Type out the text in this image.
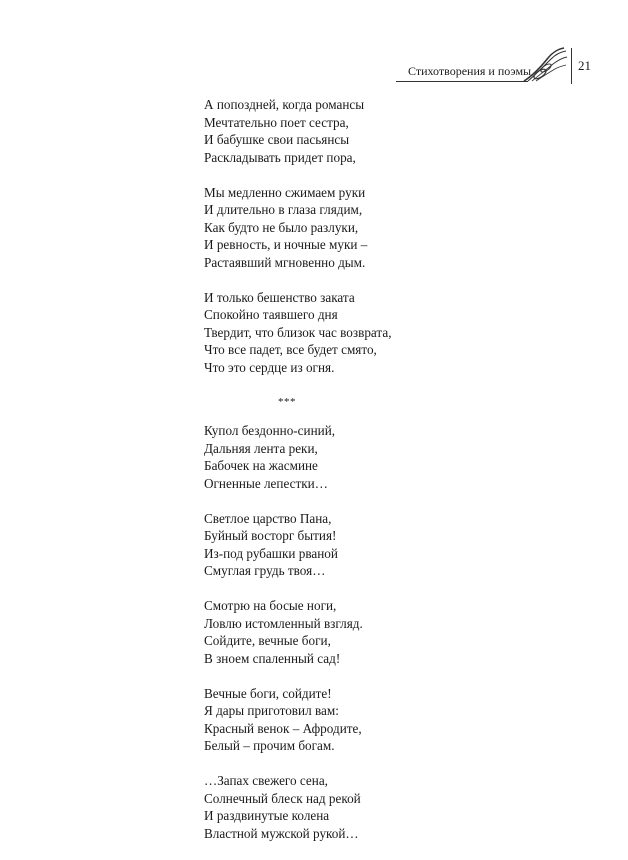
Стихотворения и поэмы	21
А попоздней, когда романсы
Мечтательно поет сестра,
И бабушке свои пасьянсы
Раскладывать придет пора,
Мы медленно сжимаем руки
И длительно в глаза глядим,
Как будто не было разлуки,
И ревность, и ночные муки –
Растаявший мгновенно дым.
И только бешенство заката
Спокойно таявшего дня
Твердит, что близок час возврата,
Что все падет, все будет смято,
Что это сердце из огня.
***
Купол бездонно-синий,
Дальняя лента реки,
Бабочек на жасмине
Огненные лепестки…
Светлое царство Пана,
Буйный восторг бытия!
Из-под рубашки рваной
Смуглая грудь твоя…
Смотрю на босые ноги,
Ловлю истомленный взгляд.
Сойдите, вечные боги,
В зноем спаленный сад!
Вечные боги, сойдите!
Я дары приготовил вам:
Красный венок – Афродите,
Белый – прочим богам.
…Запах свежего сена,
Солнечный блеск над рекой
И раздвинутые колена
Властной мужской рукой…
